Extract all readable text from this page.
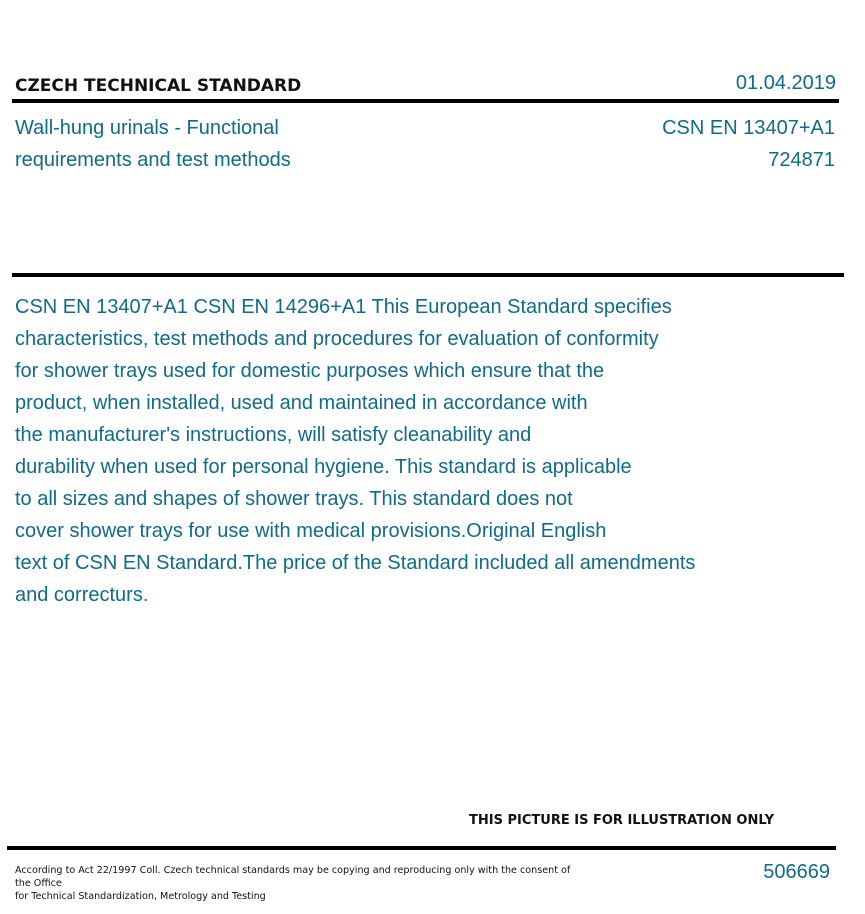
CZECH TECHNICAL STANDARD	01.04.2019
Wall-hung urinals - Functional
requirements and test methods
CSN EN 13407+A1
724871
CSN EN 13407+A1 CSN EN 14296+A1 This European Standard specifies
characteristics, test methods and procedures for evaluation of conformity
for shower trays used for domestic purposes which ensure that the
product, when installed, used and maintained in accordance with
the manufacturer's instructions, will satisfy cleanability and
durability when used for personal hygiene. This standard is applicable
to all sizes and shapes of shower trays. This standard does not
cover shower trays for use with medical provisions.Original English
text of CSN EN Standard.The price of the Standard included all amendments
and correcturs.
THIS PICTURE IS FOR ILLUSTRATION ONLY
According to Act 22/1997 Coll. Czech technical standards may be copying and reproducing only with the consent of the Office
for Technical Standardization, Metrology and Testing
506669
